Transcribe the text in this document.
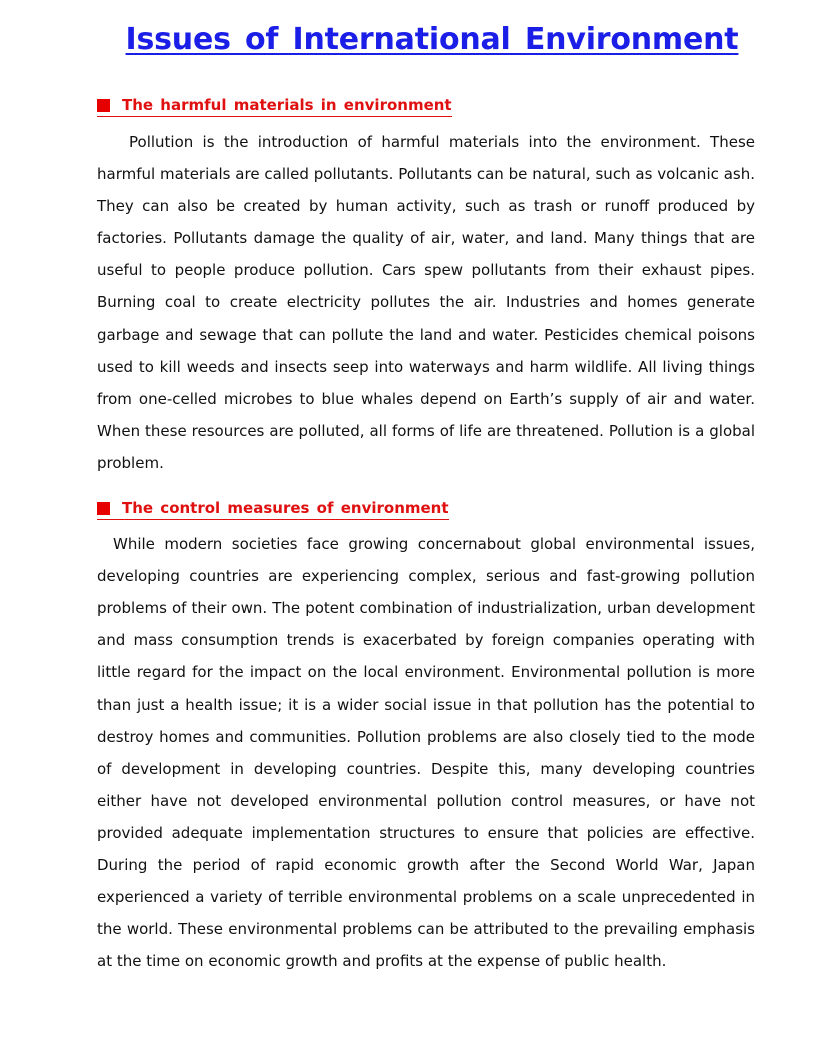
Issues of International Environment
The harmful materials in environment

Pollution is the introduction of harmful materials into the environment. These harmful materials are called pollutants. Pollutants can be natural, such as volcanic ash. They can also be created by human activity, such as trash or runoff produced by factories. Pollutants damage the quality of air, water, and land. Many things that are useful to people produce pollution. Cars spew pollutants from their exhaust pipes. Burning coal to create electricity pollutes the air. Industries and homes generate garbage and sewage that can pollute the land and water. Pesticides chemical poisons used to kill weeds and insects seep into waterways and harm wildlife. All living things from one-celled microbes to blue whales depend on Earth’s supply of air and water. When these resources are polluted, all forms of life are threatened. Pollution is a global problem.

The control measures of environment

While modern societies face growing concernabout global environmental issues, developing countries are experiencing complex, serious and fast-growing pollution problems of their own. The potent combination of industrialization, urban development and mass consumption trends is exacerbated by foreign companies operating with little regard for the impact on the local environment. Environmental pollution is more than just a health issue; it is a wider social issue in that pollution has the potential to destroy homes and communities. Pollution problems are also closely tied to the mode of development in developing countries. Despite this, many developing countries either have not developed environmental pollution control measures, or have not provided adequate implementation structures to ensure that policies are effective. During the period of rapid economic growth after the Second World War, Japan experienced a variety of terrible environmental problems on a scale unprecedented in the world. These environmental problems can be attributed to the prevailing emphasis at the time on economic growth and profits at the expense of public health.
